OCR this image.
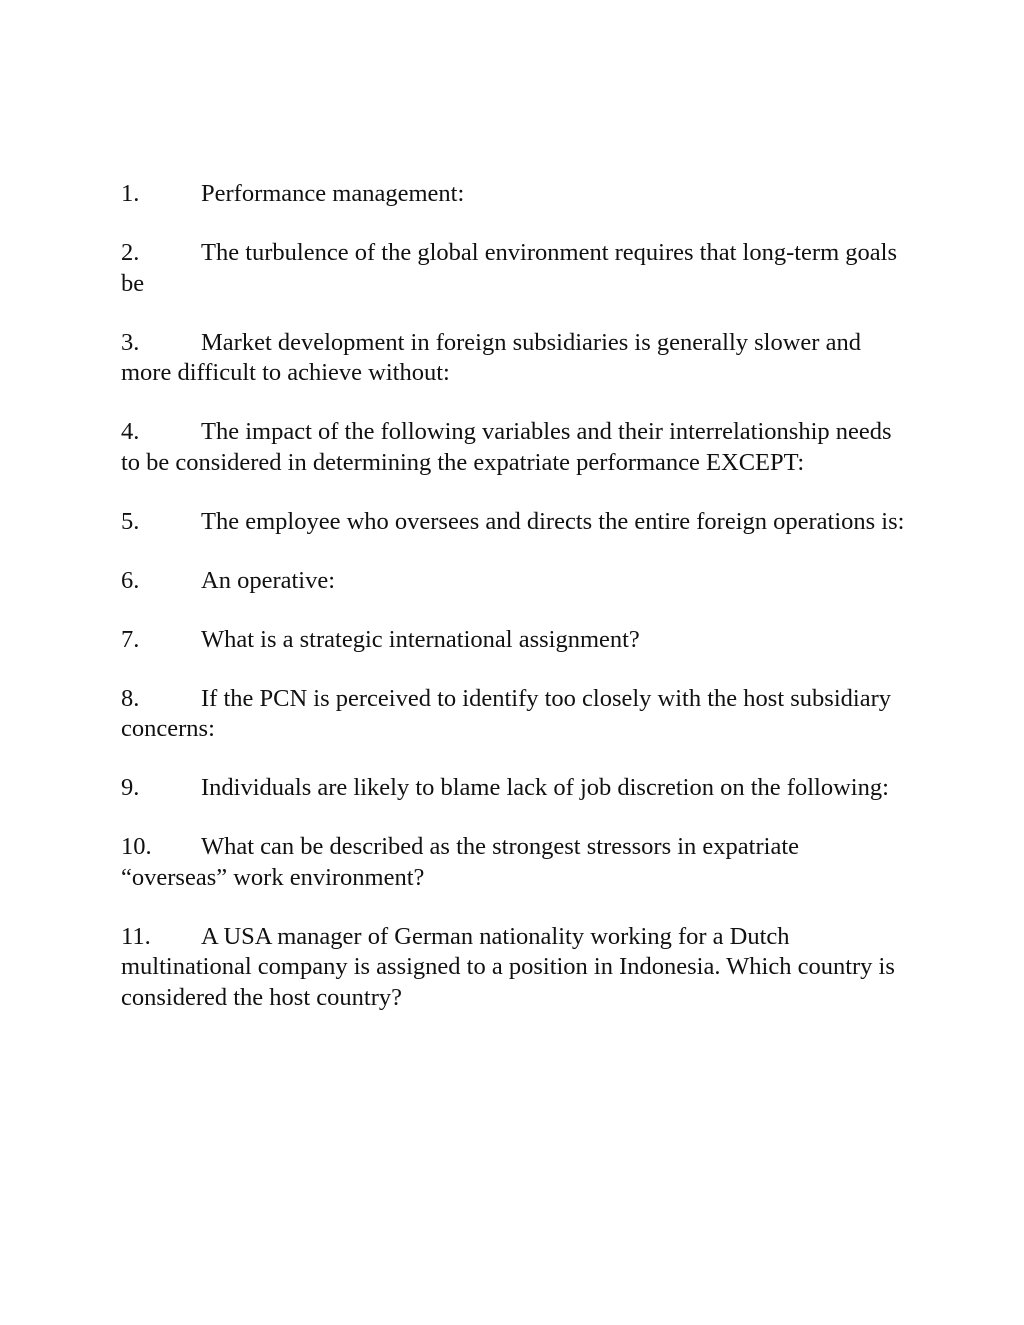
1.	Performance management:
2.	The turbulence of the global environment requires that long-term goals be
3.	Market development in foreign subsidiaries is generally slower and more difficult to achieve without:
4.	The impact of the following variables and their interrelationship needs to be considered in determining the expatriate performance EXCEPT:
5.	The employee who oversees and directs the entire foreign operations is:
6.	An operative:
7.	What is a strategic international assignment?
8.	If the PCN is perceived to identify too closely with the host subsidiary concerns:
9.	Individuals are likely to blame lack of job discretion on the following:
10. What can be described as the strongest stressors in expatriate “overseas” work environment?
11. A USA manager of German nationality working for a Dutch multinational company is assigned to a position in Indonesia. Which country is considered the host country?
